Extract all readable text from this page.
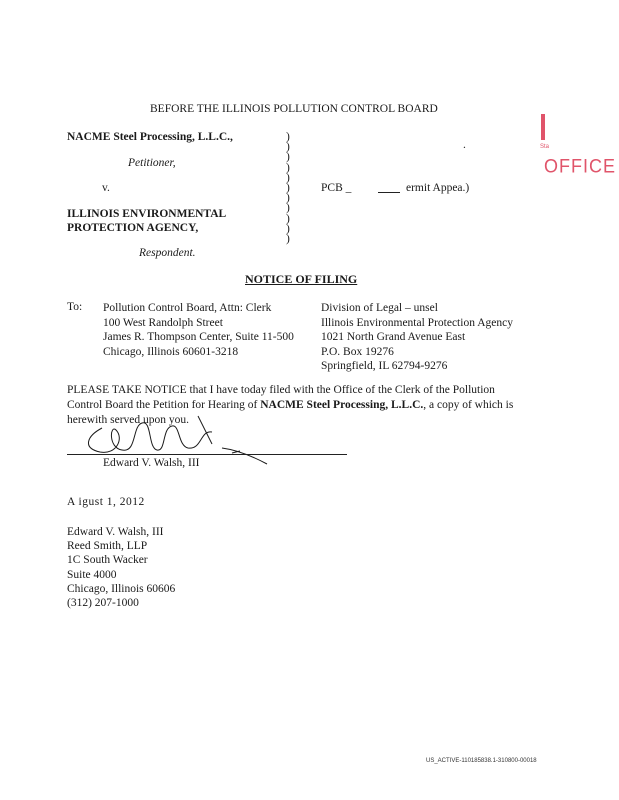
Sta
OFFICE
BEFORE THE ILLINOIS POLLUTION CONTROL BOARD
NACME Steel Processing, L.L.C.,
Petitioner,
v.
ILLINOIS ENVIRONMENTAL
PROTECTION AGENCY,
Respondent.
)
)
)
)
)
)
)
)
)
)
)
.
PCB _	ermit Appea.)
NOTICE OF FILING
To: Pollution Control Board, Attn: Clerk
100 West Randolph Street
James R. Thompson Center, Suite 11-500
Chicago, Illinois 60601-3218
Division of Legal – unsel
Illinois Environmental Protection Agency
1021 North Grand Avenue East
P.O. Box 19276
Springfield, IL 62794-9276
PLEASE TAKE NOTICE that I have today filed with the Office of the Clerk of the Pollution
Control Board the Petition for Hearing of NACME Steel Processing, L.L.C., a copy of which is
herewith served upon you.
Edward V. Walsh, III
A igust 1, 2012
Edward V. Walsh, III
Reed Smith, LLP
1C South Wacker
Suite 4000
Chicago, Illinois 60606
(312) 207-1000
US_ACTIVE-110185838.1-310800-00018
